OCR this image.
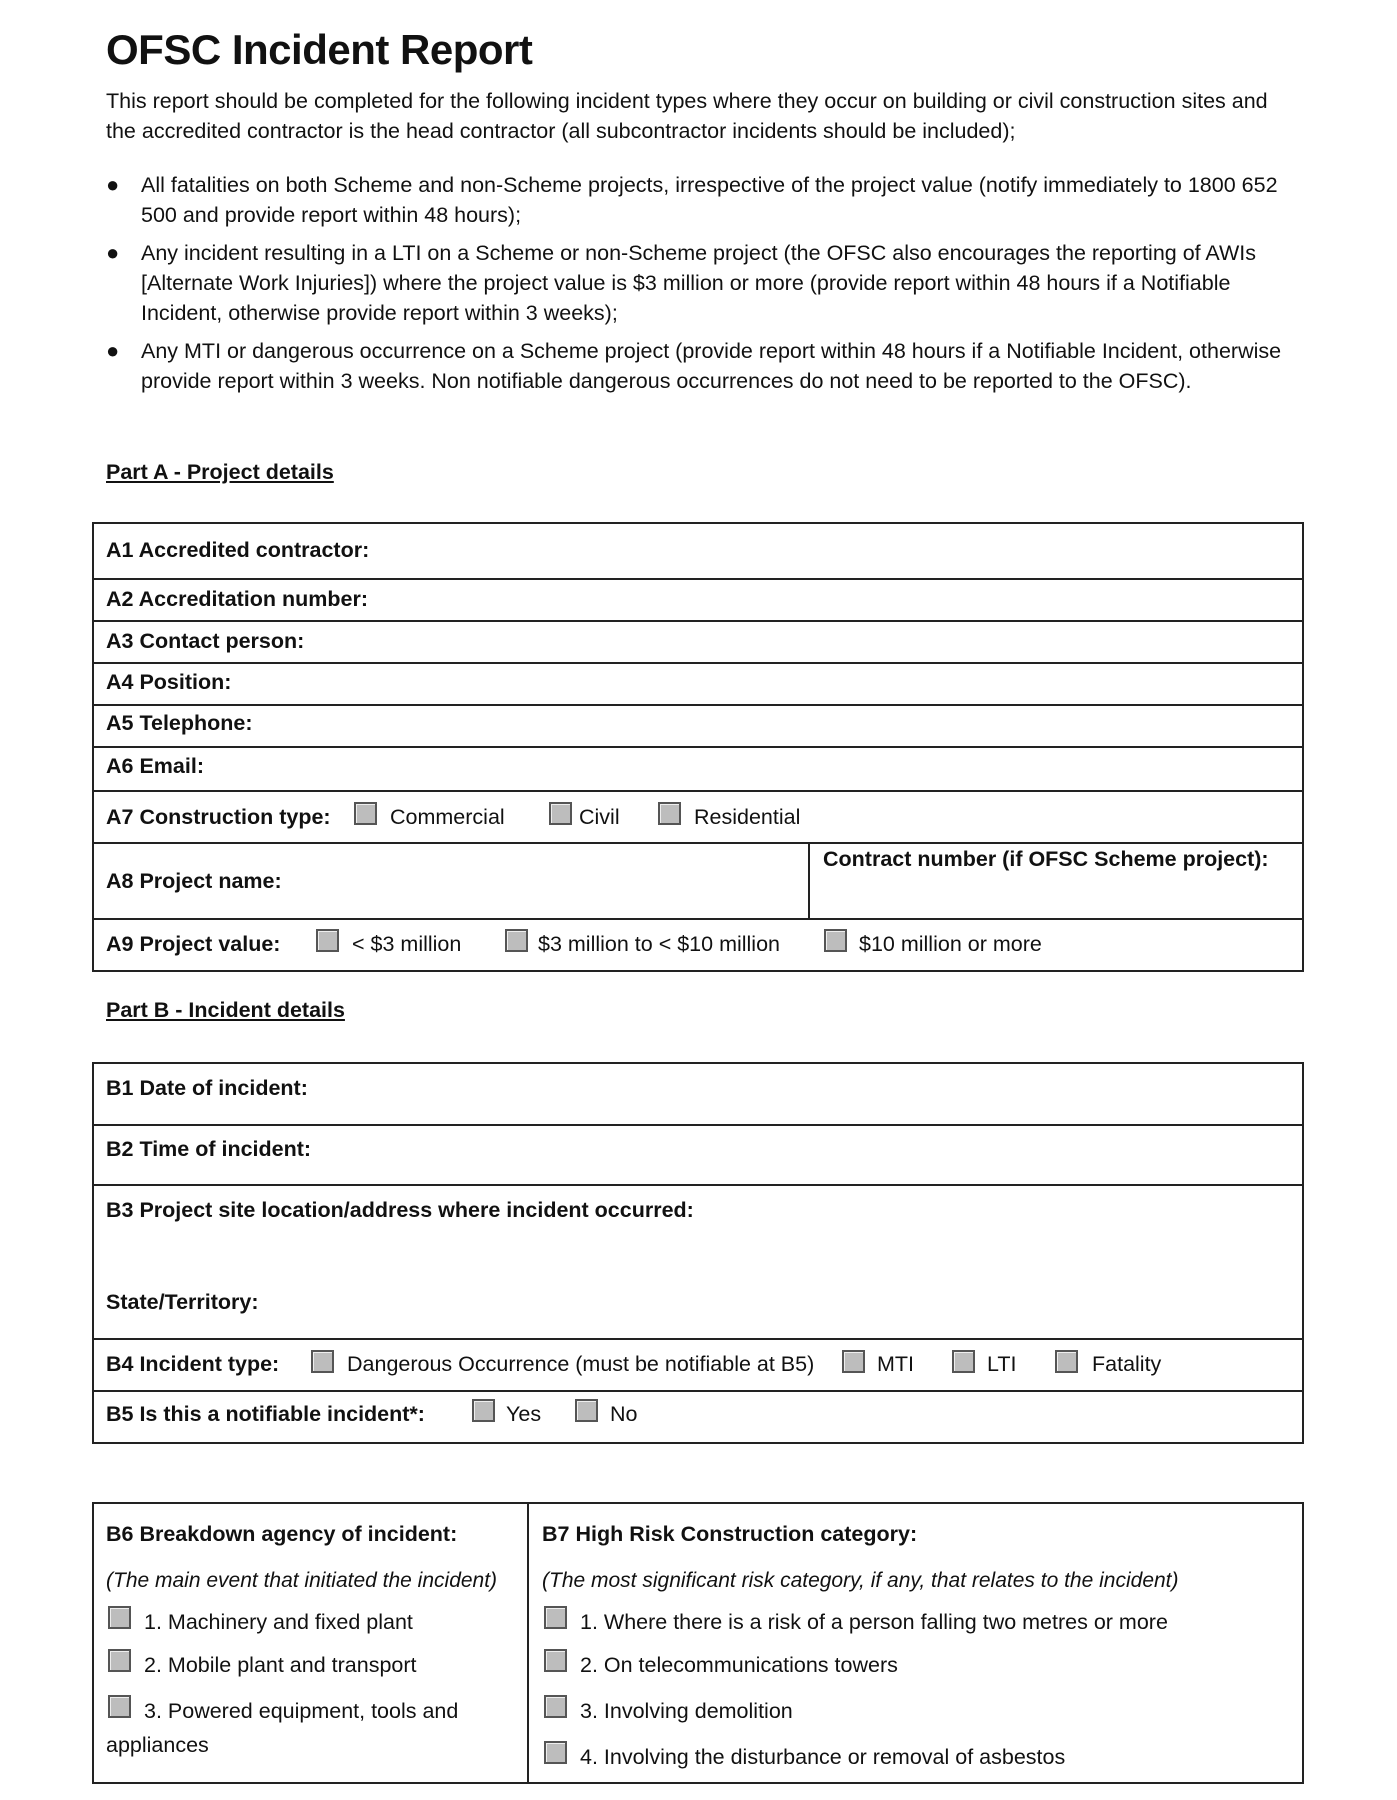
OFSC Incident Report
This report should be completed for the following incident types where they occur on building or civil construction sites and the accredited contractor is the head contractor (all subcontractor incidents should be included);
● All fatalities on both Scheme and non-Scheme projects, irrespective of the project value (notify immediately to 1800 652 500 and provide report within 48 hours);
● Any incident resulting in a LTI on a Scheme or non-Scheme project (the OFSC also encourages the reporting of AWIs [Alternate Work Injuries]) where the project value is $3 million or more (provide report within 48 hours if a Notifiable Incident, otherwise provide report within 3 weeks);
● Any MTI or dangerous occurrence on a Scheme project (provide report within 48 hours if a Notifiable Incident, otherwise provide report within 3 weeks. Non notifiable dangerous occurrences do not need to be reported to the OFSC).
Part A - Project details
A1 Accredited contractor:
A2 Accreditation number:
A3 Contact person:
A4 Position:
A5 Telephone:
A6 Email:
A7 Construction type:	Commercial	Civil	Residential
A8 Project name:
Contract number (if OFSC Scheme project):
A9 Project value:	< $3 million	$3 million to < $10 million	$10 million or more
Part B - Incident details
B1 Date of incident:
B2 Time of incident:
B3 Project site location/address where incident occurred:
State/Territory:
B4 Incident type:	Dangerous Occurrence (must be notifiable at B5)	MTI	LTI	Fatality
B5 Is this a notifiable incident*:	Yes	No
B6 Breakdown agency of incident:
(The main event that initiated the incident)
1. Machinery and fixed plant
2. Mobile plant and transport
3. Powered equipment, tools and
appliances
B7 High Risk Construction category:
(The most significant risk category, if any, that relates to the incident)
1. Where there is a risk of a person falling two metres or more
2. On telecommunications towers
3. Involving demolition
4. Involving the disturbance or removal of asbestos
